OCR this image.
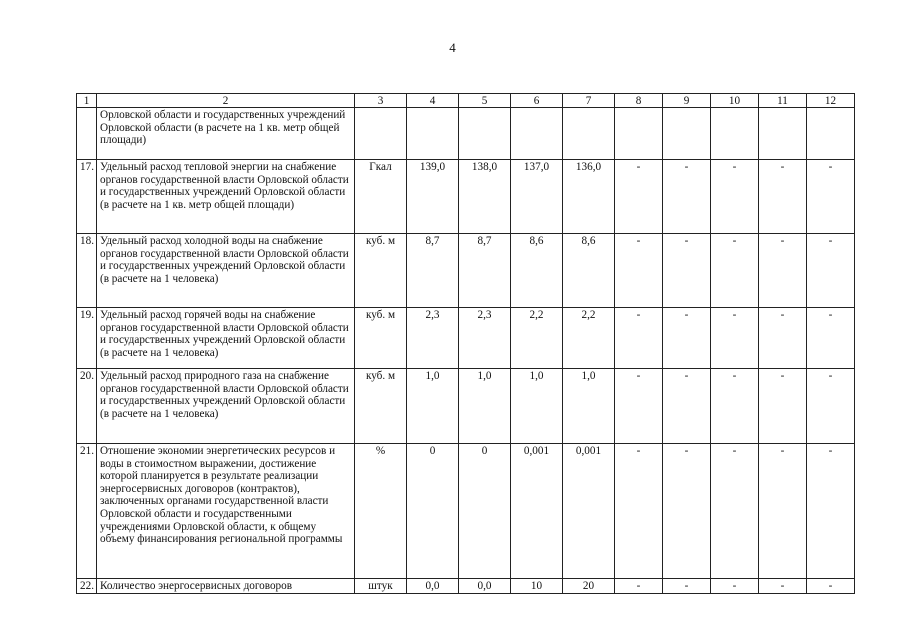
4
1	2	3	4	5	6	7	8	9	10	11	12
	Орловской области и государственных учреждений Орловской области (в расчете на 1 кв. метр общей площади)										
17.	Удельный расход тепловой энергии на снабжение органов государственной власти Орловской области и государственных учреждений Орловской области (в расчете на 1 кв. метр общей площади)	Гкал	139,0	138,0	137,0	136,0	-	-	-	-	-
18.	Удельный расход холодной воды на снабжение органов государственной власти Орловской области и государственных учреждений Орловской области (в расчете на 1 человека)	куб. м	8,7	8,7	8,6	8,6	-	-	-	-	-
19.	Удельный расход горячей воды на снабжение органов государственной власти Орловской области и государственных учреждений Орловской области (в расчете на 1 человека)	куб. м	2,3	2,3	2,2	2,2	-	-	-	-	-
20.	Удельный расход природного газа на снабжение органов государственной власти Орловской области и государственных учреждений Орловской области (в расчете на 1 человека)	куб. м	1,0	1,0	1,0	1,0	-	-	-	-	-
21.	Отношение экономии энергетических ресурсов и воды в стоимостном выражении, достижение которой планируется в результате реализации энергосервисных договоров (контрактов), заключенных органами государственной власти Орловской области и государственными учреждениями Орловской области, к общему объему финансирования региональной программы	%	0	0	0,001	0,001	-	-	-	-	-
22.	Количество энергосервисных договоров	штук	0,0	0,0	10	20	-	-	-	-	-
